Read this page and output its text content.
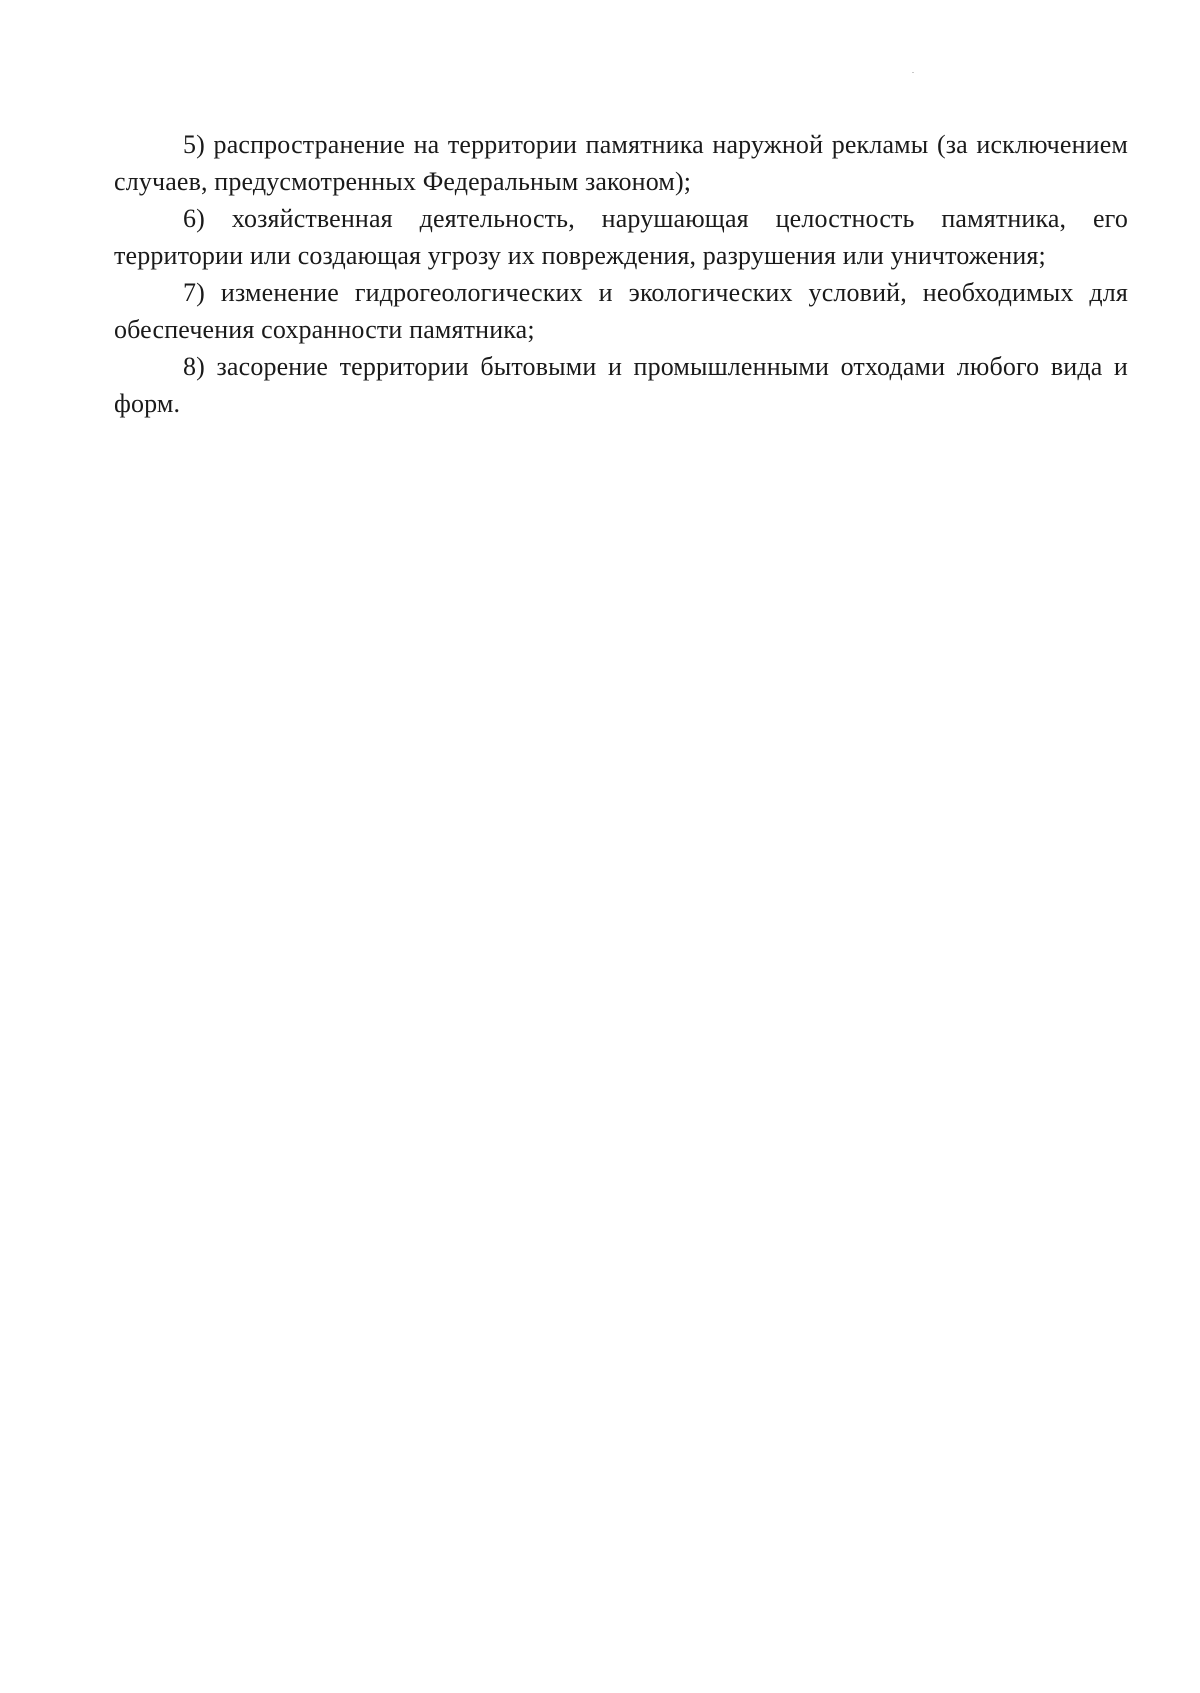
5) распространение на территории памятника наружной рекламы (за исключением случаев, предусмотренных Федеральным законом);

6) хозяйственная деятельность, нарушающая целостность памятника, его территории или создающая угрозу их повреждения, разрушения или уничтожения;

7) изменение гидрогеологических и экологических условий, необходимых для обеспечения сохранности памятника;

8) засорение территории бытовыми и промышленными отходами любого вида и форм.
